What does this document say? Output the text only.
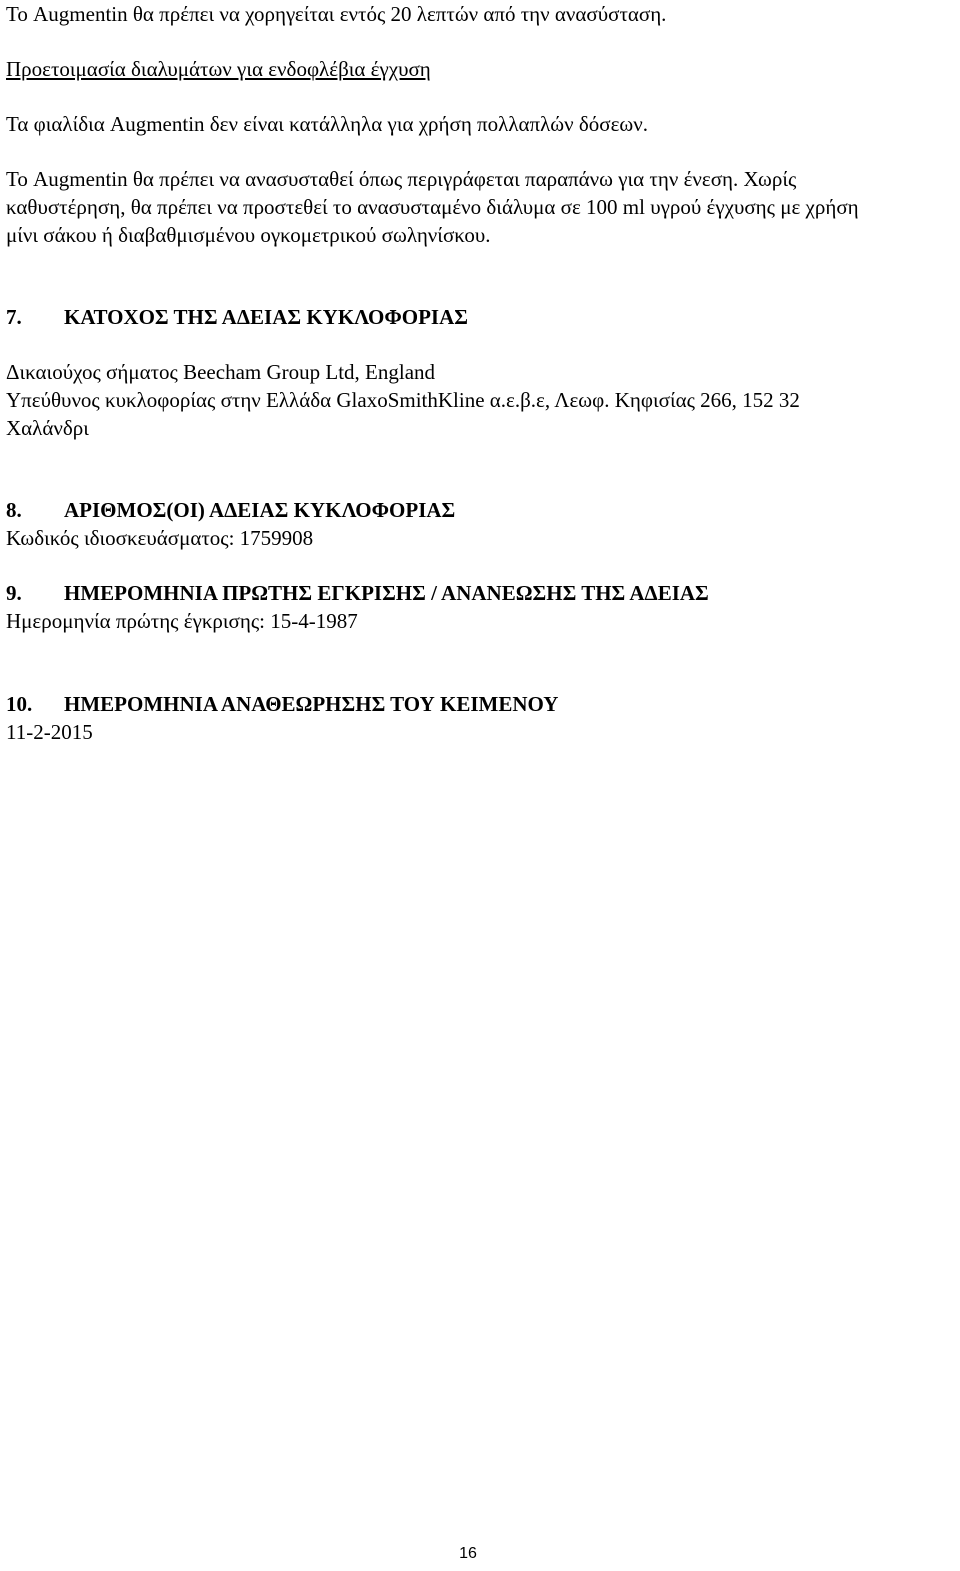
Το Augmentin θα πρέπει να χορηγείται εντός 20 λεπτών από την ανασύσταση.

Προετοιμασία διαλυμάτων για ενδοφλέβια έγχυση

Τα φιαλίδια Augmentin δεν είναι κατάλληλα για χρήση πολλαπλών δόσεων.

Το Augmentin θα πρέπει να ανασυσταθεί όπως περιγράφεται παραπάνω για την ένεση. Χωρίς

καθυστέρηση, θα πρέπει να προστεθεί το ανασυσταμένο διάλυμα σε 100 ml υγρού έγχυσης με χρήση

μίνι σάκου ή διαβαθμισμένου ογκομετρικού σωληνίσκου.

7. ΚΑΤΟΧΟΣ ΤΗΣ ΑΔΕΙΑΣ ΚΥΚΛΟΦΟΡΙΑΣ

Δικαιούχος σήματος Beecham Group Ltd, England

Υπεύθυνος κυκλοφορίας στην Ελλάδα GlaxoSmithKline α.ε.β.ε, Λεωφ. Κηφισίας 266, 152 32

Χαλάνδρι

8. ΑΡΙΘΜΟΣ(ΟΙ) ΑΔΕΙΑΣ ΚΥΚΛΟΦΟΡΙΑΣ

Κωδικός ιδιοσκευάσματος: 1759908

9. ΗΜΕΡΟΜΗΝΙΑ ΠΡΩΤΗΣ ΕΓΚΡΙΣΗΣ / ΑΝΑΝΕΩΣΗΣ ΤΗΣ ΑΔΕΙΑΣ

Ημερομηνία πρώτης έγκρισης: 15-4-1987

10. ΗΜΕΡΟΜΗΝΙΑ ΑΝΑΘΕΩΡΗΣΗΣ ΤΟΥ ΚΕΙΜΕΝΟΥ

11-2-2015

16
